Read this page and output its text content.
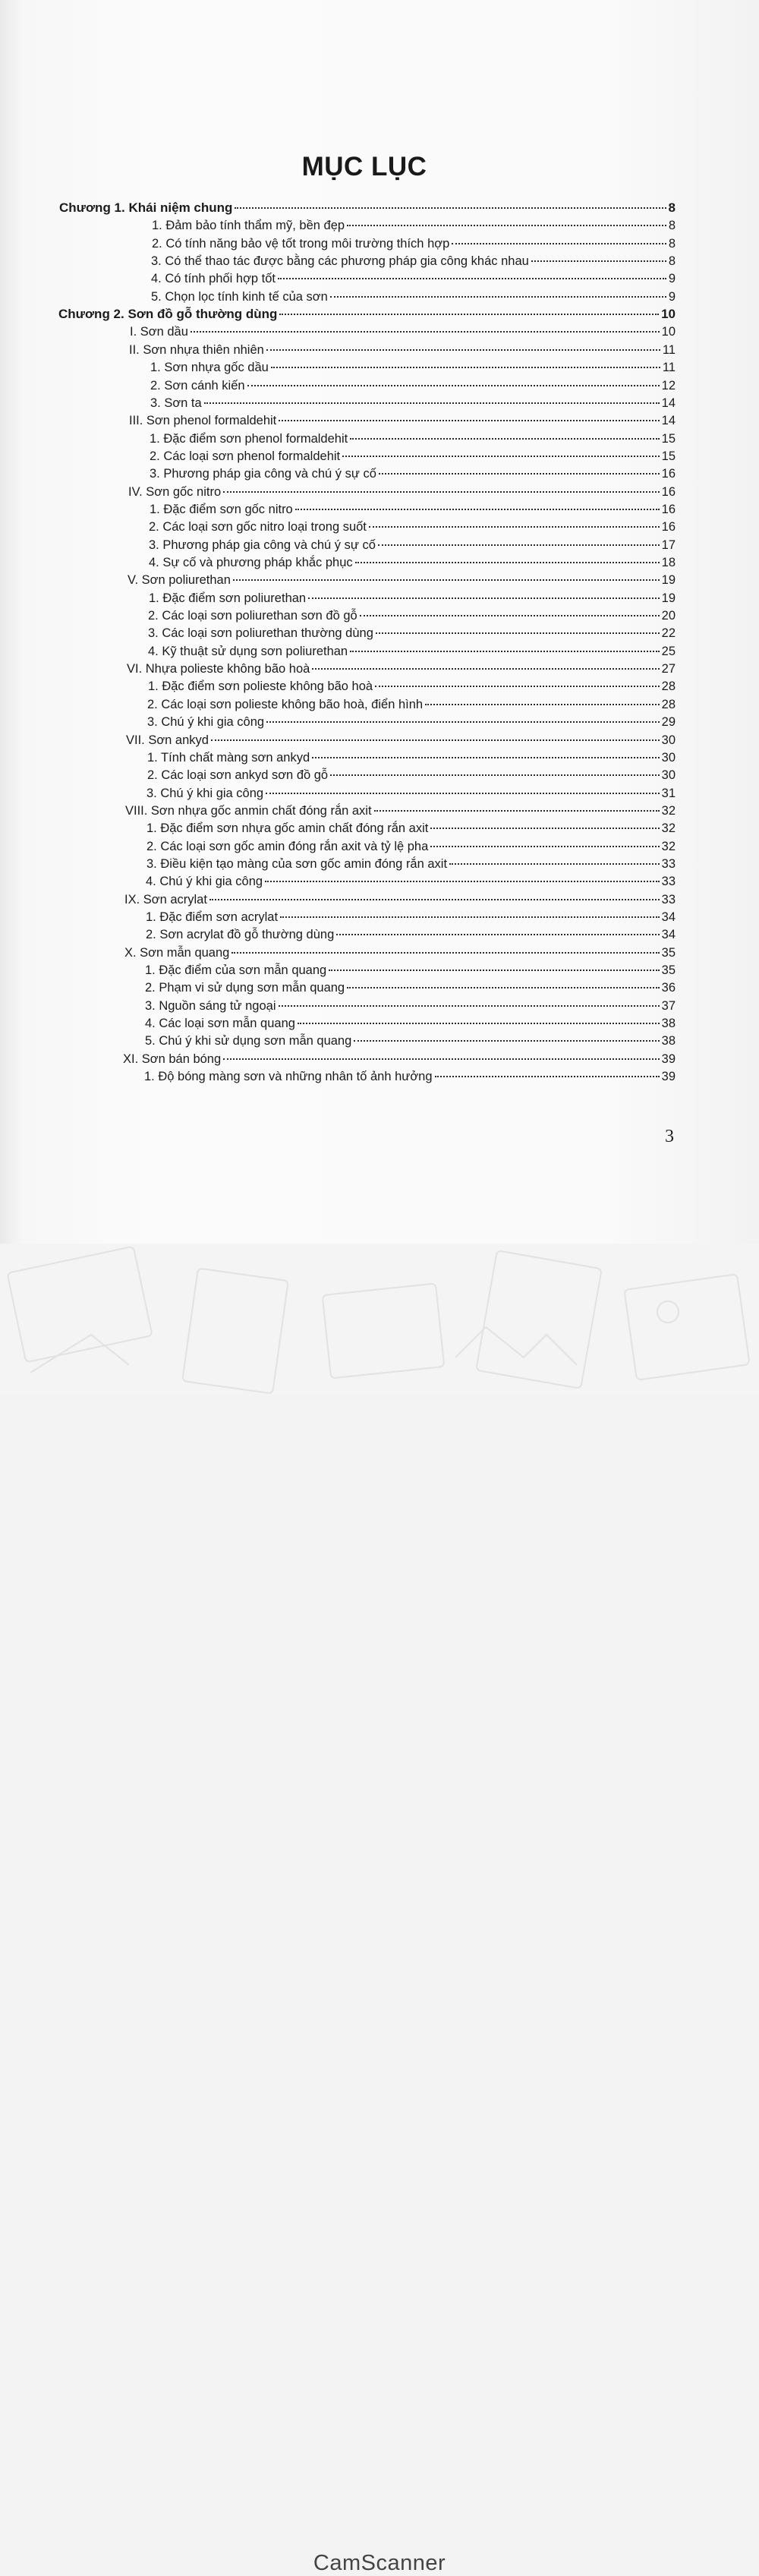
MỤC LỤC
Chương 1. Khái niệm chung	8
1. Đảm bảo tính thẩm mỹ, bền đẹp	8
2. Có tính năng bảo vệ tốt trong môi trường thích hợp	8
3. Có thể thao tác được bằng các phương pháp gia công khác nhau	8
4. Có tính phối hợp tốt	9
5. Chọn lọc tính kinh tế của sơn	9
Chương 2. Sơn đồ gỗ thường dùng	10
I. Sơn dầu	10
II. Sơn nhựa thiên nhiên	11
1. Sơn nhựa gốc dầu	11
2. Sơn cánh kiến	12
3. Sơn ta	14
III. Sơn phenol formaldehit	14
1. Đặc điểm sơn phenol formaldehit	15
2. Các loại sơn phenol formaldehit	15
3. Phương pháp gia công và chú ý sự cố	16
IV. Sơn gốc nitro	16
1. Đặc điểm sơn gốc nitro	16
2. Các loại sơn gốc nitro loại trong suốt	16
3. Phương pháp gia công và chú ý sự cố	17
4. Sự cố và phương pháp khắc phục	18
V. Sơn poliurethan	19
1. Đặc điểm sơn poliurethan	19
2. Các loại sơn poliurethan sơn đồ gỗ	20
3. Các loại sơn poliurethan thường dùng	22
4. Kỹ thuật sử dụng sơn poliurethan	25
VI. Nhựa polieste không bão hoà	27
1. Đặc điểm sơn polieste không bão hoà	28
2. Các loại sơn polieste không bão hoà, điển hình	28
3. Chú ý khi gia công	29
VII. Sơn ankyd	30
1. Tính chất màng sơn ankyd	30
2. Các loại sơn ankyd sơn đồ gỗ	30
3. Chú ý khi gia công	31
VIII. Sơn nhựa gốc anmin chất đóng rắn axit	32
1. Đặc điểm sơn nhựa gốc amin chất đóng rắn axit	32
2. Các loại sơn gốc amin đóng rắn axit và tỷ lệ pha	32
3. Điều kiện tạo màng của sơn gốc amin đóng rắn axit	33
4. Chú ý khi gia công	33
IX. Sơn acrylat	33
1. Đặc điểm sơn acrylat	34
2. Sơn acrylat đồ gỗ thường dùng	34
X. Sơn mẫn quang	35
1. Đặc điểm của sơn mẫn quang	35
2. Phạm vi sử dụng sơn mẫn quang	36
3. Nguồn sáng tử ngoại	37
4. Các loại sơn mẫn quang	38
5. Chú ý khi sử dụng sơn mẫn quang	38
XI. Sơn bán bóng	39
1. Độ bóng màng sơn và những nhân tố ảnh hưởng	39
3
CamScanner
